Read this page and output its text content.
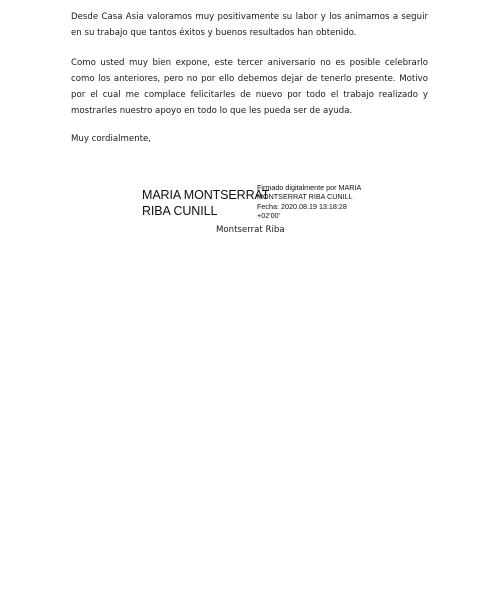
Desde Casa Asia valoramos muy positivamente su labor y los animamos a seguir en su trabajo que tantos éxitos y buenos resultados han obtenido.

Como usted muy bien expone, este tercer aniversario no es posible celebrarlo como los anteriores, pero no por ello debemos dejar de tenerlo presente. Motivo por el cual me complace felicitarles de nuevo por todo el trabajo realizado y mostrarles nuestro apoyo en todo lo que les pueda ser de ayuda.

Muy cordialmente,

MARIA MONTSERRAT
RIBA CUNILL
Firmado digitalmente por MARIA
MONTSERRAT RIBA CUNILL
Fecha: 2020.08.19 13:18:28
+02'00'
Montserrat Riba
